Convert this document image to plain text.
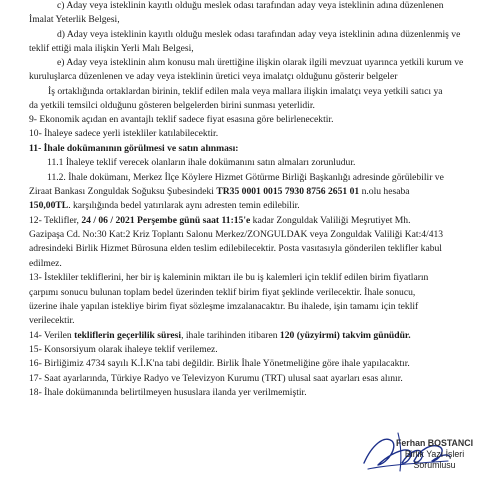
c) Aday veya isteklinin kayıtlı olduğu meslek odası tarafından aday veya isteklinin adına düzenlenen
İmalat Yeterlik Belgesi,
d) Aday veya isteklinin kayıtlı olduğu meslek odası tarafından aday veya isteklinin adına düzenlenmiş ve
teklif ettiği mala ilişkin Yerli Malı Belgesi,
e) Aday veya isteklinin alım konusu malı ürettiğine ilişkin olarak ilgili mevzuat uyarınca yetkili kurum ve
kuruluşlarca düzenlenen ve aday veya isteklinin üretici veya imalatçı olduğunu gösterir belgeler
İş ortaklığında ortaklardan birinin, teklif edilen mala veya mallara ilişkin imalatçı veya yetkili satıcı ya
da yetkili temsilci olduğunu gösteren belgelerden birini sunması yeterlidir.
9- Ekonomik açıdan en avantajlı teklif sadece fiyat esasına göre belirlenecektir.
10- İhaleye sadece yerli istekliler katılabilecektir.
11- İhale dokümanının görülmesi ve satın alınması:
11.1 İhaleye teklif verecek olanların ihale dokümanını satın almaları zorunludur.
11.2. İhale dokümanı, Merkez İlçe Köylere Hizmet Götürme Birliği Başkanlığı adresinde görülebilir ve
Ziraat Bankası Zonguldak Soğuksu Şubesindeki TR35 0001 0015 7930 8756 2651 01 n.olu hesaba
150,00TL. karşılığında bedel yatırılarak aynı adresten temin edilebilir.
12- Teklifler, 24 / 06 / 2021 Perşembe günü saat 11:15'e kadar Zonguldak Valiliği Meşrutiyet Mh.
Gazipaşa Cd. No:30 Kat:2 Kriz Toplantı Salonu Merkez/ZONGULDAK veya Zonguldak Valiliği Kat:4/413
adresindeki Birlik Hizmet Bürosuna elden teslim edilebilecektir. Posta vasıtasıyla gönderilen teklifler kabul
edilmez.
13- İstekliler tekliflerini, her bir iş kaleminin miktarı ile bu iş kalemleri için teklif edilen birim fiyatların
çarpımı sonucu bulunan toplam bedel üzerinden teklif birim fiyat şeklinde verilecektir. İhale sonucu,
üzerine ihale yapılan istekliye birim fiyat sözleşme imzalanacaktır. Bu ihalede, işin tamamı için teklif
verilecektir.
14- Verilen tekliflerin geçerlilik süresi, ihale tarihinden itibaren 120 (yüzyirmi) takvim günüdür.
15- Konsorsiyum olarak ihaleye teklif verilemez.
16- Birliğimiz 4734 sayılı K.İ.K'na tabi değildir. Birlik İhale Yönetmeliğine göre ihale yapılacaktır.
17- Saat ayarlarında, Türkiye Radyo ve Televizyon Kurumu (TRT) ulusal saat ayarları esas alınır.
18- İhale dokümanında belirtilmeyen hususlara ilanda yer verilmemiştir.
Ferhan BOSTANCI
Birlik Yazı İşleri
Sorumlusu
